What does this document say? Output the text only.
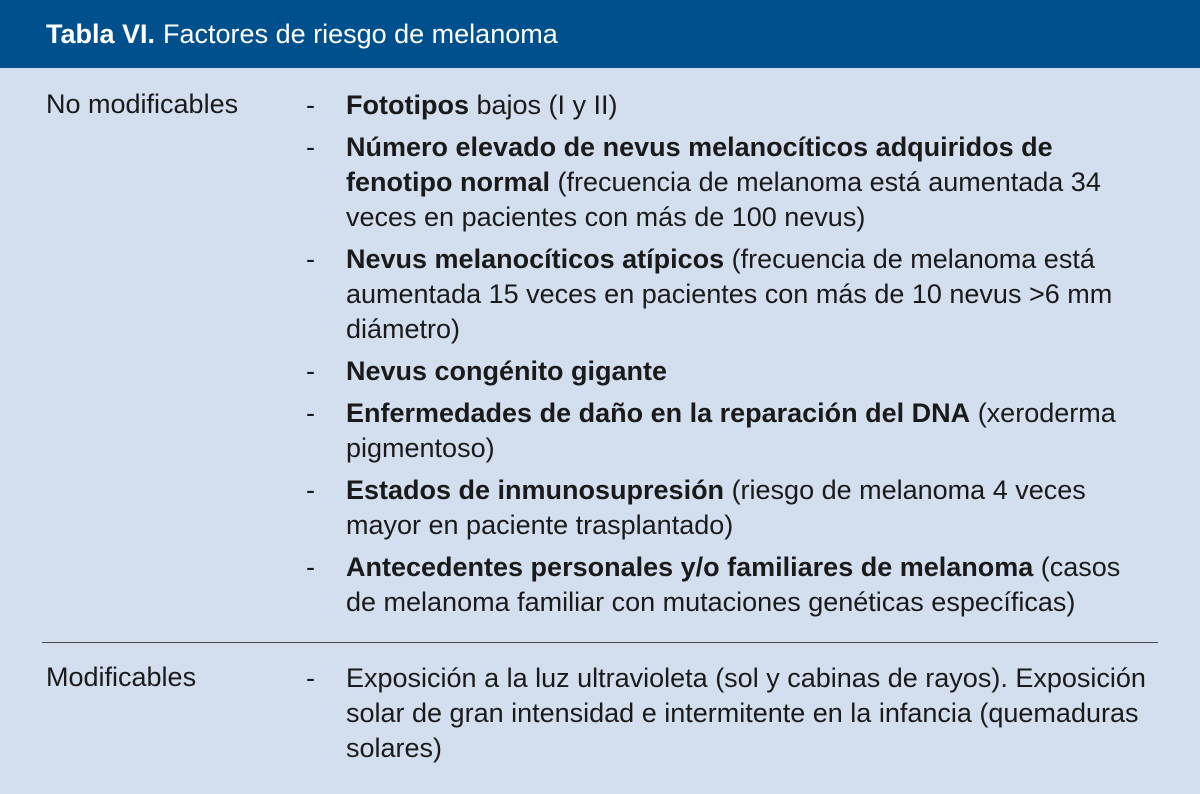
Tabla VI. Factores de riesgo de melanoma
No modificables	-	Fototipos bajos (I y II)
-	Número elevado de nevus melanocíticos adquiridos de fenotipo normal (frecuencia de melanoma está aumentada 34 veces en pacientes con más de 100 nevus)
-	Nevus melanocíticos atípicos (frecuencia de melanoma está aumentada 15 veces en pacientes con más de 10 nevus >6 mm diámetro)
-	Nevus congénito gigante
-	Enfermedades de daño en la reparación del DNA (xeroderma pigmentoso)
-	Estados de inmunosupresión (riesgo de melanoma 4 veces mayor en paciente trasplantado)
-	Antecedentes personales y/o familiares de melanoma (casos de melanoma familiar con mutaciones genéticas específicas)
Modificables	-	Exposición a la luz ultravioleta (sol y cabinas de rayos). Exposición solar de gran intensidad e intermitente en la infancia (quemaduras solares)
